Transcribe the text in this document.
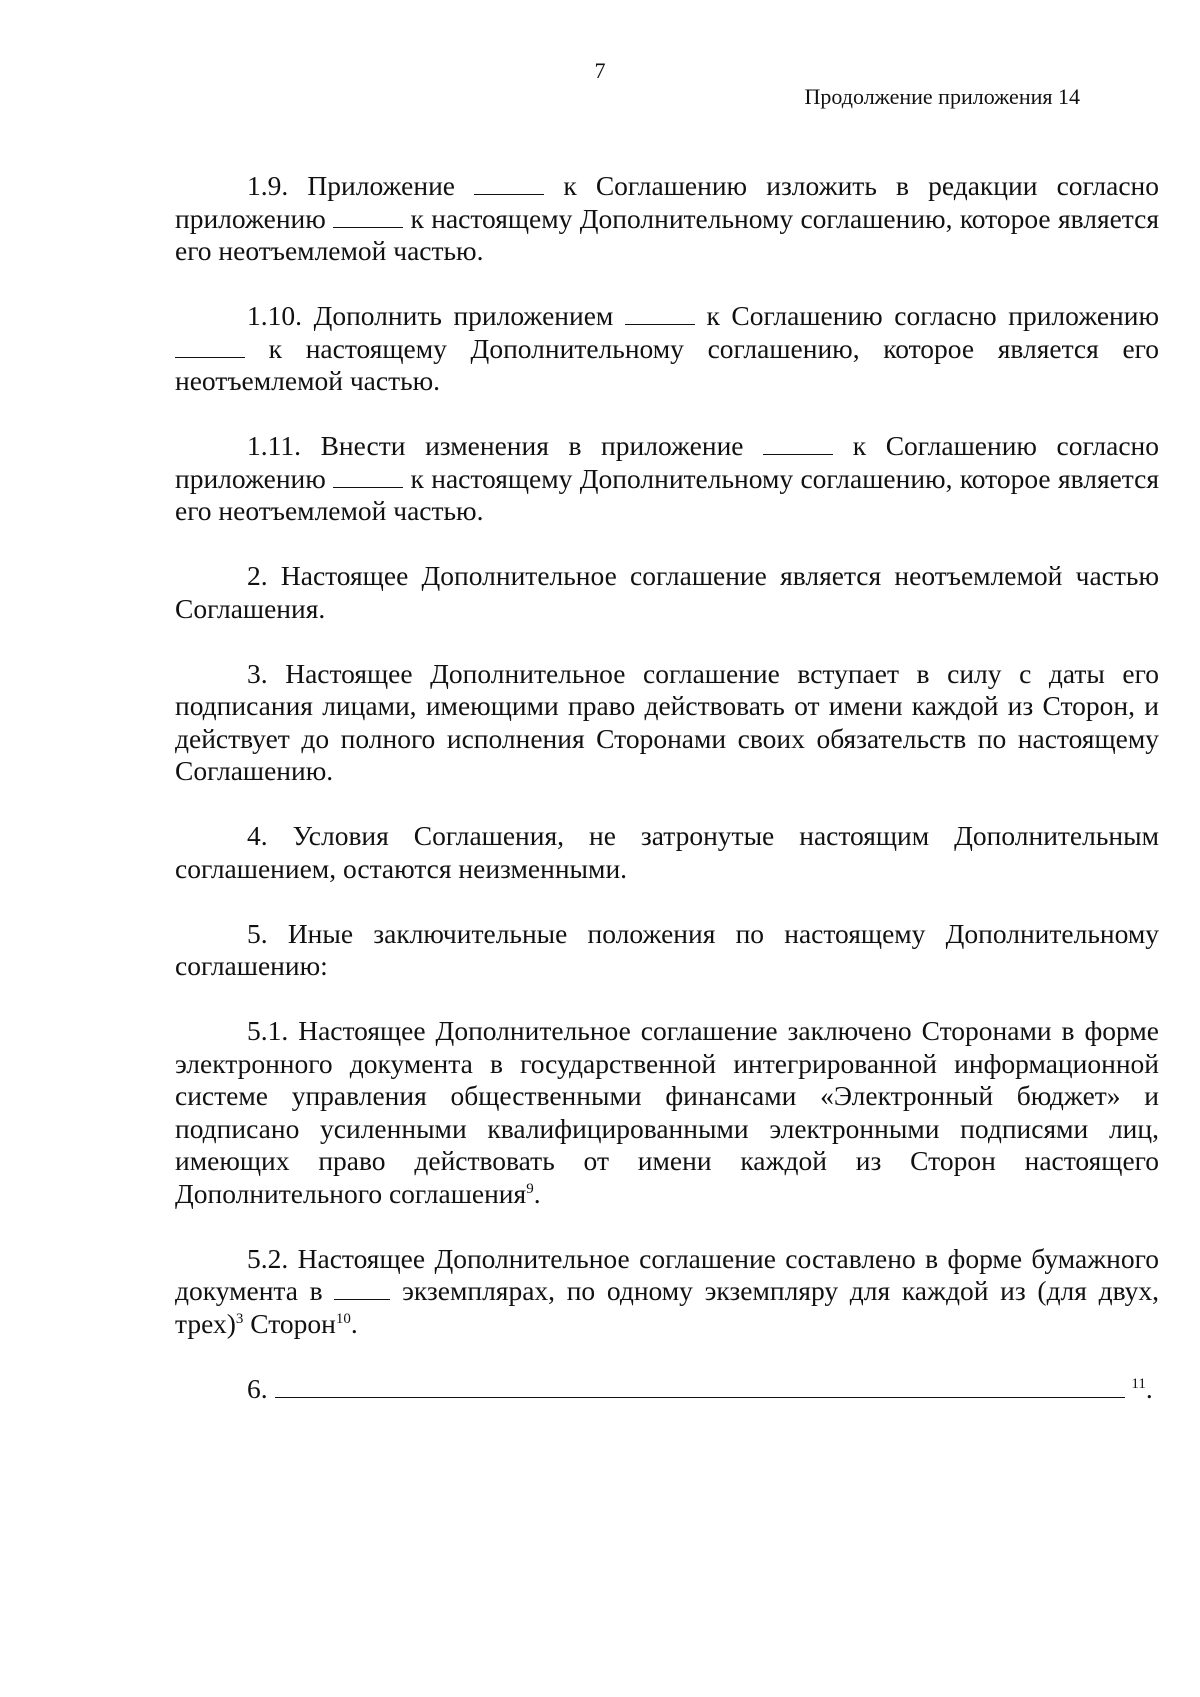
7
Продолжение приложения 14

1.9. Приложение	к Соглашению изложить в редакции согласно приложению	к настоящему Дополнительному соглашению, которое является его неотъемлемой частью.

1.10. Дополнить приложением	к Соглашению согласно приложению  к настоящему Дополнительному соглашению, которое является его неотъемлемой частью.

1.11. Внести изменения в приложение	к Соглашению согласно приложению	к настоящему Дополнительному соглашению, которое является его неотъемлемой частью.

2. Настоящее Дополнительное соглашение является неотъемлемой частью Соглашения.

3. Настоящее Дополнительное соглашение вступает в силу с даты его подписания лицами, имеющими право действовать от имени каждой из Сторон, и действует до полного исполнения Сторонами своих обязательств по настоящему Соглашению.

4. Условия Соглашения, не затронутые настоящим Дополнительным соглашением, остаются неизменными.

5. Иные заключительные положения по настоящему Дополнительному соглашению:

5.1. Настоящее Дополнительное соглашение заключено Сторонами в форме электронного документа в государственной интегрированной информационной системе управления общественными финансами «Электронный бюджет» и подписано усиленными квалифицированными электронными подписями лиц, имеющих право действовать от имени каждой из Сторон настоящего Дополнительного соглашения$^9$.

5.2. Настоящее Дополнительное соглашение составлено в форме бумажного документа в	экземплярах, по одному экземпляру для каждой из (для двух, трех)$^3$ Сторон$^{10}$.

6.	$^{11}$.
